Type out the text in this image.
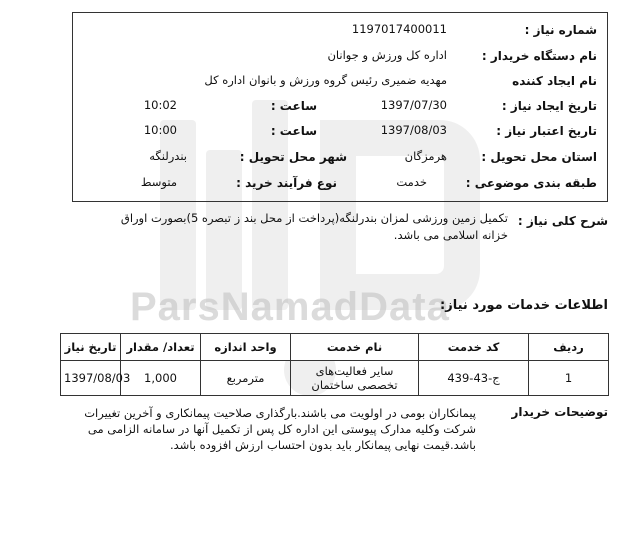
ParsNamadData
شماره نیاز :
1197017400011
نام دستگاه خریدار :
اداره کل ورزش و جوانان
نام ایجاد کننده
مهدیه ضمیری رئیس گروه ورزش و بانوان اداره کل
تاریخ ایجاد نیاز :
1397/07/30
ساعت :
10:02
تاریخ اعتبار نیاز :
1397/08/03
ساعت :
10:00
استان محل تحویل :
هرمزگان
شهر محل تحویل :
بندرلنگه
طبقه بندی موضوعی :
خدمت
نوع فرآیند خرید :
متوسط
شرح کلی نیاز :
تکمیل زمین ورزشی لمزان بندرلنگه(پرداخت از محل بند ز تبصره 5)بصورت اوراق خزانه اسلامی می باشد.
اطلاعات خدمات مورد نیاز:
ردیف	کد خدمت	نام خدمت	واحد اندازه	تعداد/ مقدار	تاریخ نیاز
1	ج-43-439	سایر فعالیت‌های تخصصی ساختمان	مترمربع	1,000	1397/08/03
توضیحات خریدار
پیمانکاران بومی در اولویت می باشند.بارگذاری صلاحیت پیمانکاری و آخرین تغییرات شرکت وکلیه مدارک پیوستی این اداره کل پس از تکمیل آنها در سامانه الزامی می باشد.قیمت نهایی پیمانکار باید بدون احتساب ارزش افزوده باشد.
